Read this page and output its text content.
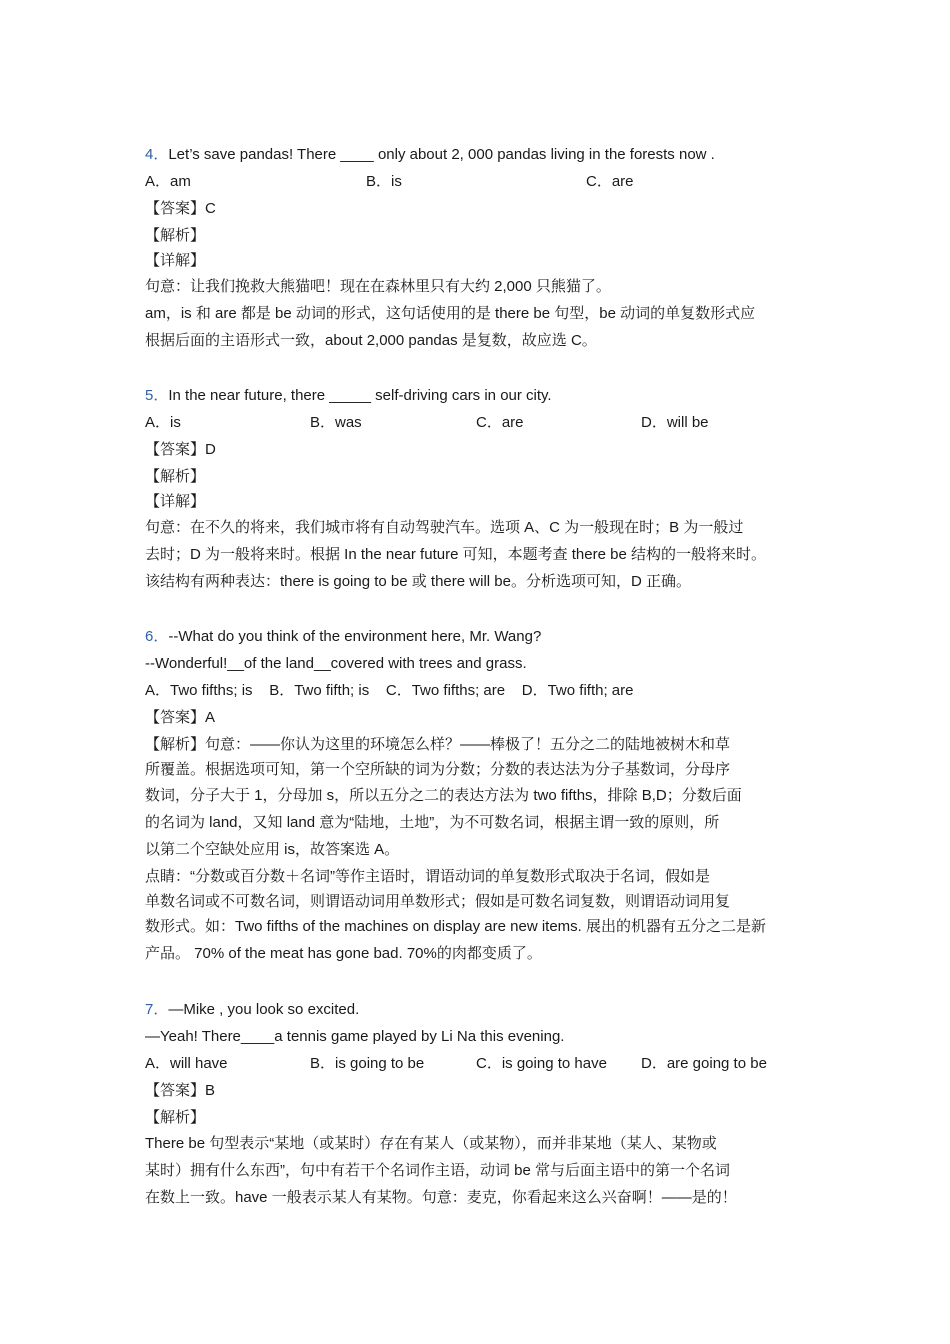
4．Let’s save pandas! There ____ only about 2, 000 pandas living in the forests now .
A．am	B．is	C．are
【答案】C
【解析】
【详解】
句意：让我们挽救大熊猫吧！现在在森林里只有大约 2,000 只熊猫了。
am，is 和 are 都是 be 动词的形式，这句话使用的是 there be 句型，be 动词的单复数形式应
根据后面的主语形式一致，about 2,000 pandas 是复数，故应选 C。
5．In the near future, there _____ self-driving cars in our city.
A．is	B．was	C．are	D．will be
【答案】D
【解析】
【详解】
句意：在不久的将来，我们城市将有自动驾驶汽车。选项 A、C 为一般现在时；B 为一般过
去时；D 为一般将来时。根据 In the near future 可知，本题考查 there be 结构的一般将来时。
该结构有两种表达：there is going to be 或 there will be。分析选项可知，D 正确。
6．--What do you think of the environment here, Mr. Wang?
--Wonderful!__of the land__covered with trees and grass.
A．Two fifths; is    B．Two fifth; is    C．Two fifths; are    D．Two fifth; are
【答案】A
【解析】句意：——你认为这里的环境怎么样？——棒极了！五分之二的陆地被树木和草
所覆盖。根据选项可知，第一个空所缺的词为分数；分数的表达法为分子基数词，分母序
数词，分子大于 1，分母加 s，所以五分之二的表达方法为 two fifths，排除 B,D；分数后面
的名词为 land，又知 land 意为“陆地，土地”，为不可数名词，根据主谓一致的原则，所
以第二个空缺处应用 is，故答案选 A。
点睛：“分数或百分数＋名词”等作主语时，谓语动词的单复数形式取决于名词，假如是
单数名词或不可数名词，则谓语动词用单数形式；假如是可数名词复数，则谓语动词用复
数形式。如：Two fifths of the machines on display are new items. 展出的机器有五分之二是新
产品。 70% of the meat has gone bad. 70%的肉都变质了。
7．—Mike , you look so excited.
—Yeah! There____a tennis game played by Li Na this evening.
A．will have	B．is going to be	C．is going to have D．are going to be
【答案】B
【解析】
There be 句型表示“某地（或某时）存在有某人（或某物），而并非某地（某人、某物或
某时）拥有什么东西”，句中有若干个名词作主语，动词 be 常与后面主语中的第一个名词
在数上一致。have 一般表示某人有某物。句意：麦克，你看起来这么兴奋啊！——是的！
